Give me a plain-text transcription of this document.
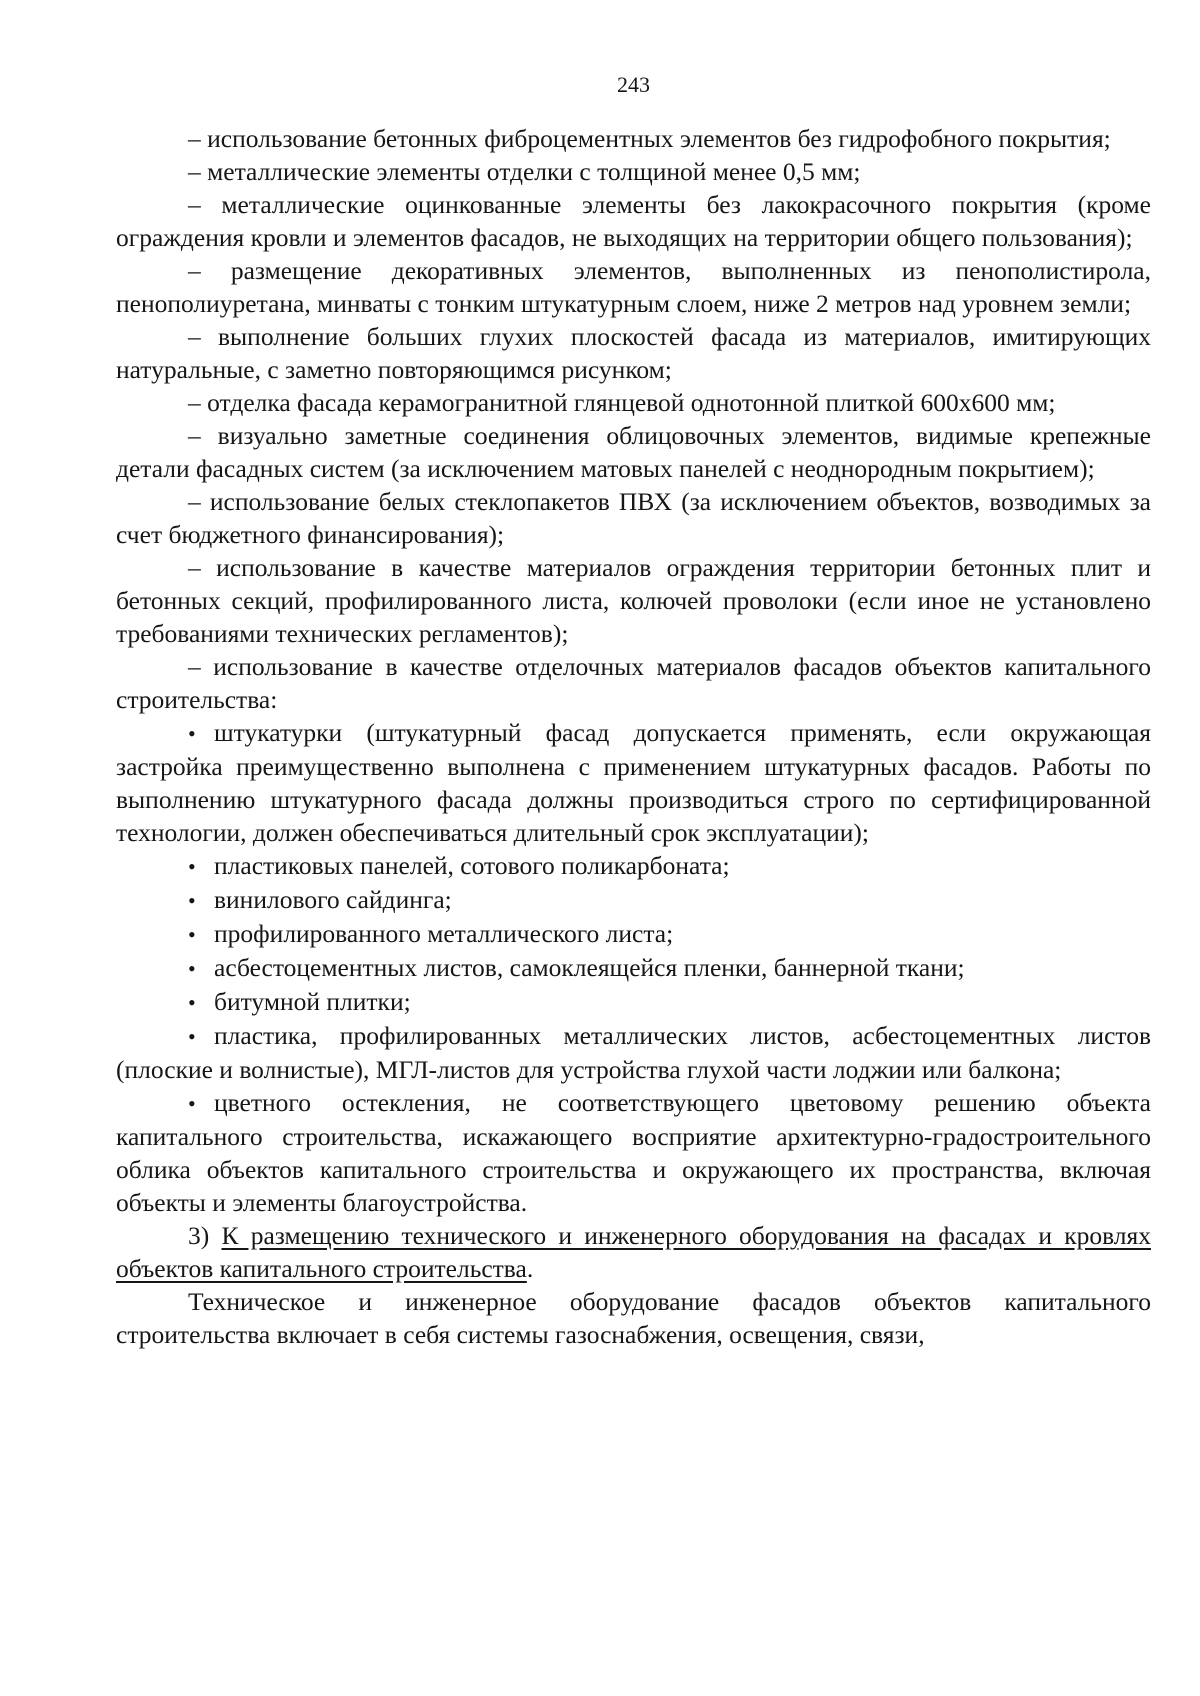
243

– использование бетонных фиброцементных элементов без гидрофобного покрытия;

– металлические элементы отделки с толщиной менее 0,5 мм;

– металлические оцинкованные элементы без лакокрасочного покрытия (кроме ограждения кровли и элементов фасадов, не выходящих на территории общего пользования);

– размещение декоративных элементов, выполненных из пенополистирола, пенополиуретана, минваты с тонким штукатурным слоем, ниже 2 метров над уровнем земли;

– выполнение больших глухих плоскостей фасада из материалов, имитирующих натуральные, с заметно повторяющимся рисунком;

– отделка фасада керамогранитной глянцевой однотонной плиткой 600х600 мм;

– визуально заметные соединения облицовочных элементов, видимые крепежные детали фасадных систем (за исключением матовых панелей с неоднородным покрытием);

– использование белых стеклопакетов ПВХ (за исключением объектов, возводимых за счет бюджетного финансирования);

– использование в качестве материалов ограждения территории бетонных плит и бетонных секций, профилированного листа, колючей проволоки (если иное не установлено требованиями технических регламентов);

– использование в качестве отделочных материалов фасадов объектов капитального строительства:

• штукатурки (штукатурный фасад допускается применять, если окружающая застройка преимущественно выполнена с применением штукатурных фасадов. Работы по выполнению штукатурного фасада должны производиться строго по сертифицированной технологии, должен обеспечиваться длительный срок эксплуатации);

• пластиковых панелей, сотового поликарбоната;

• винилового сайдинга;

• профилированного металлического листа;

• асбестоцементных листов, самоклеящейся пленки, баннерной ткани;

• битумной плитки;

• пластика, профилированных металлических листов, асбестоцементных листов (плоские и волнистые), МГЛ-листов для устройства глухой части лоджии или балкона;

• цветного остекления, не соответствующего цветовому решению объекта капитального строительства, искажающего восприятие архитектурно-градостроительного облика объектов капитального строительства и окружающего их пространства, включая объекты и элементы благоустройства.

3) К размещению технического и инженерного оборудования на фасадах и кровлях объектов капитального строительства.

Техническое и инженерное оборудование фасадов объектов капитального строительства включает в себя системы газоснабжения, освещения, связи,
